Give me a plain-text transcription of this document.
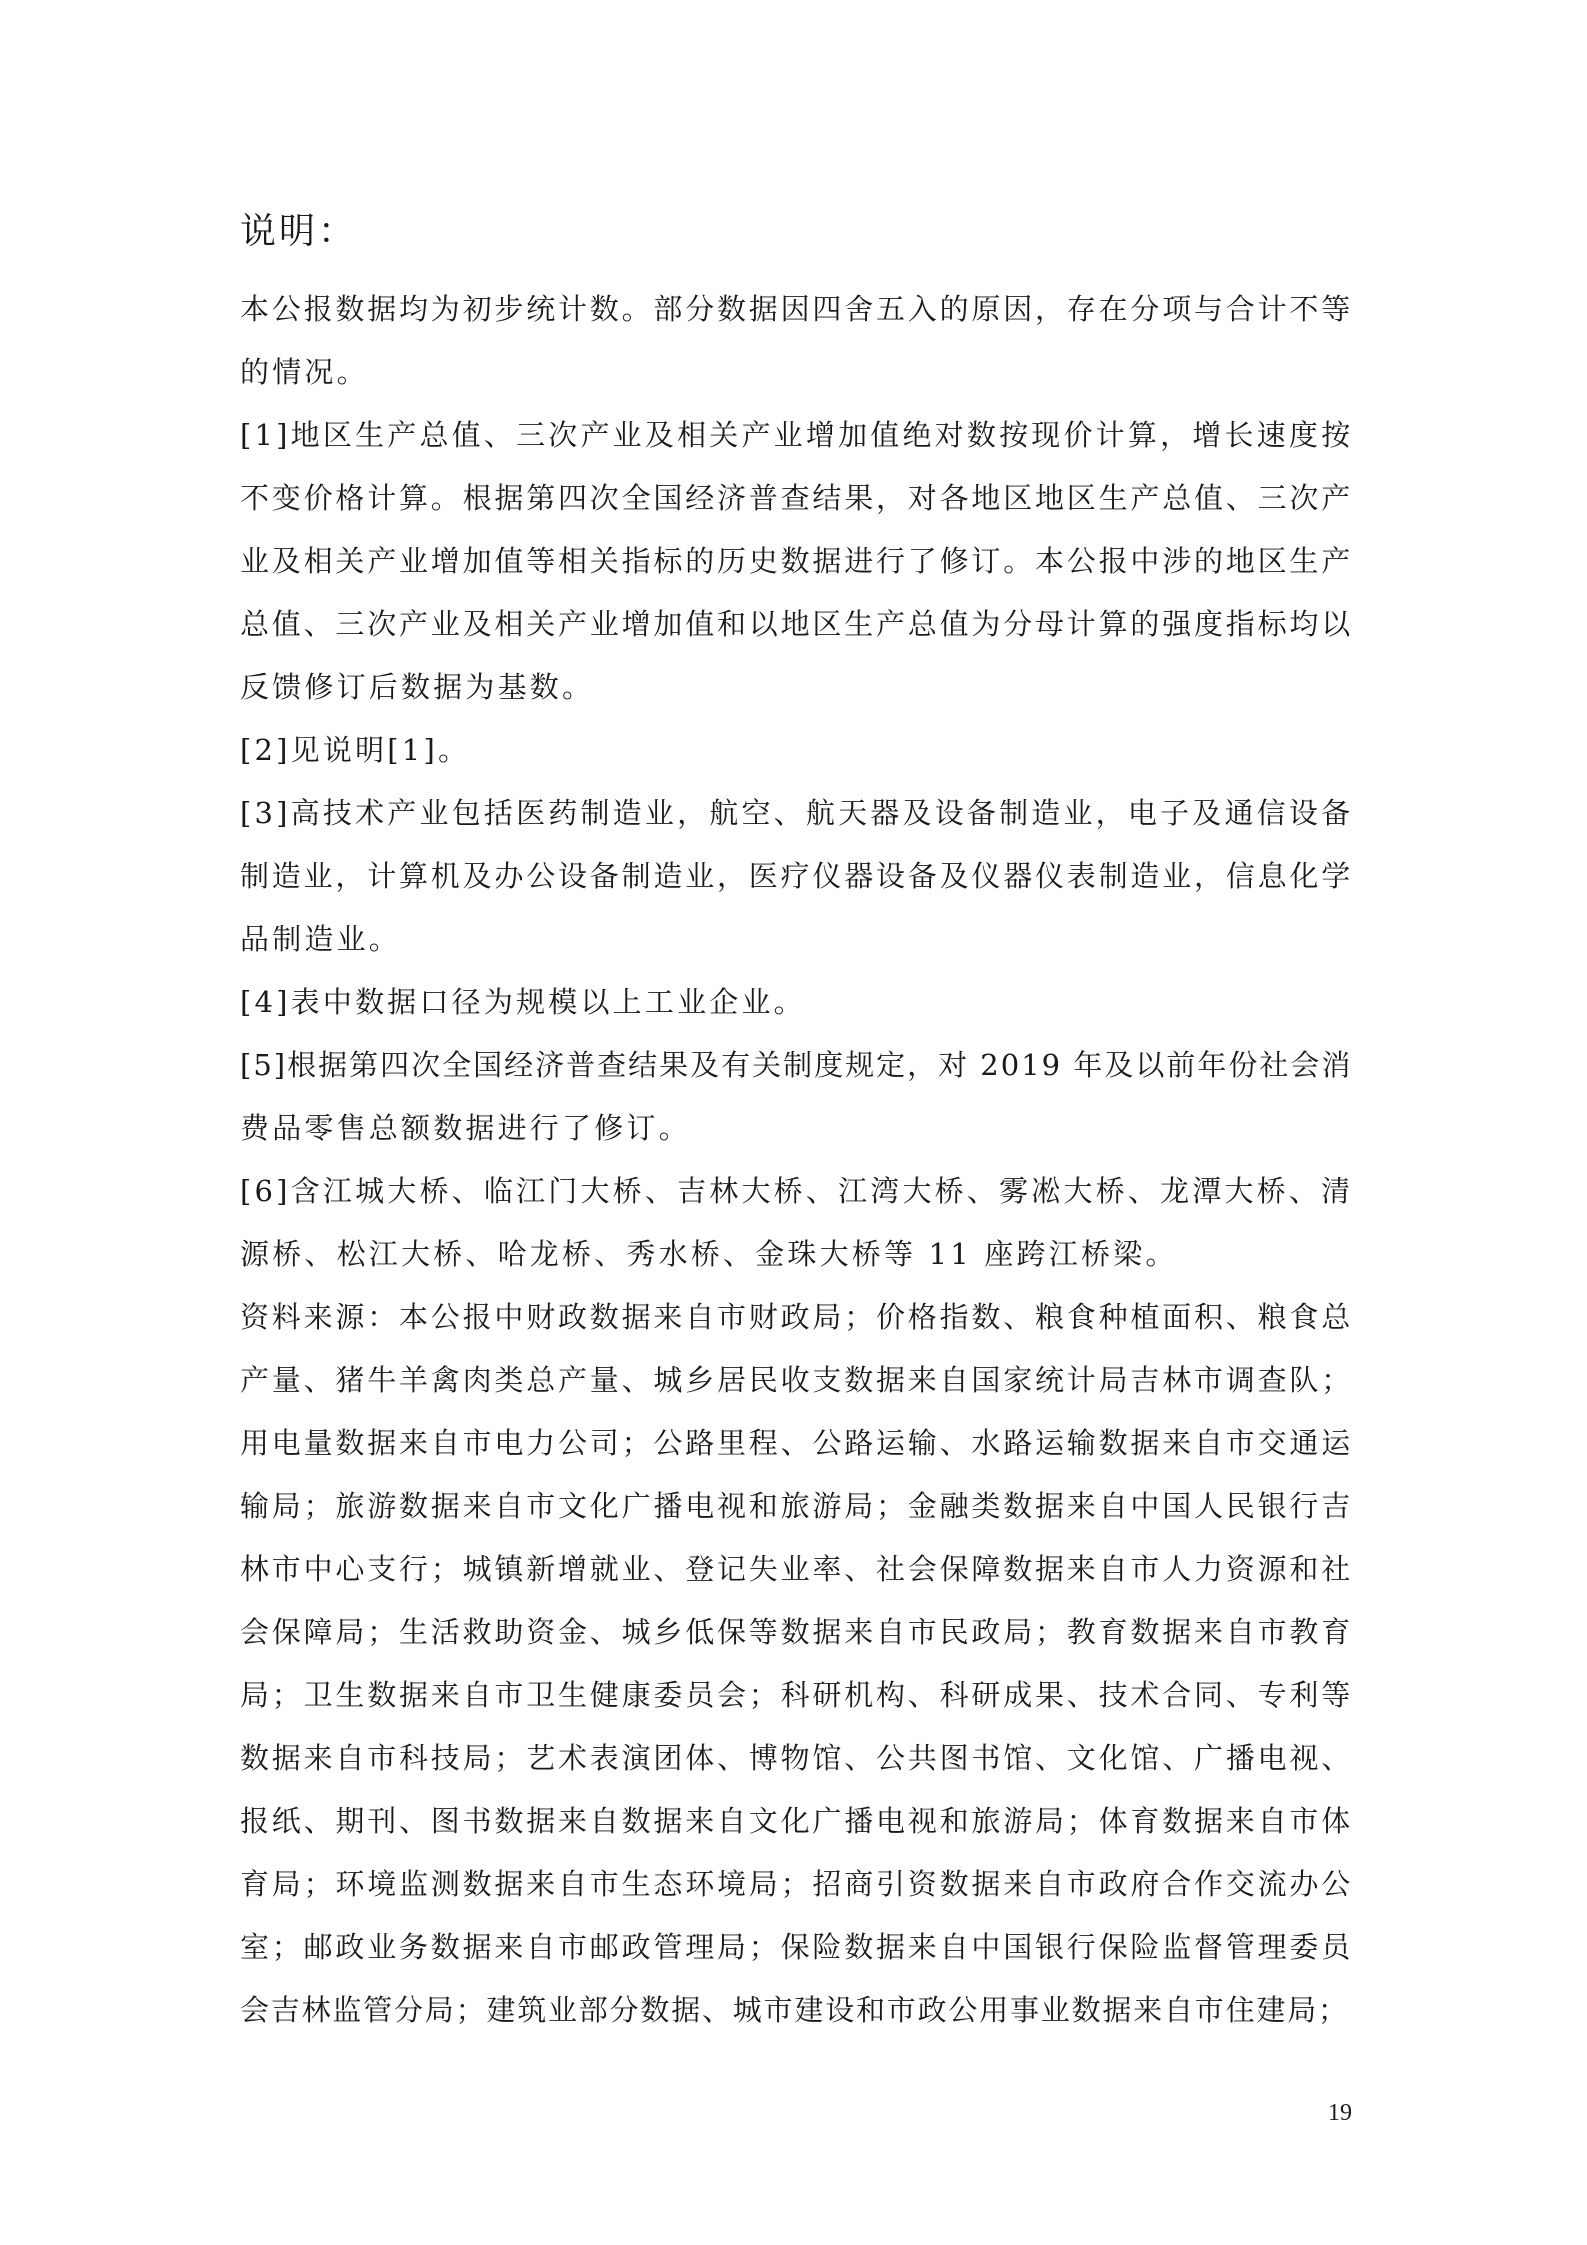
说明：
本公报数据均为初步统计数。部分数据因四舍五入的原因，存在分项与合计不等
的情况。
[1]地区生产总值、三次产业及相关产业增加值绝对数按现价计算，增长速度按
不变价格计算。根据第四次全国经济普查结果，对各地区地区生产总值、三次产
业及相关产业增加值等相关指标的历史数据进行了修订。本公报中涉的地区生产
总值、三次产业及相关产业增加值和以地区生产总值为分母计算的强度指标均以
反馈修订后数据为基数。
[2]见说明[1]。
[3]高技术产业包括医药制造业，航空、航天器及设备制造业，电子及通信设备
制造业，计算机及办公设备制造业，医疗仪器设备及仪器仪表制造业，信息化学
品制造业。
[4]表中数据口径为规模以上工业企业。
[5]根据第四次全国经济普查结果及有关制度规定，对 2019 年及以前年份社会消
费品零售总额数据进行了修订。
[6]含江城大桥、临江门大桥、吉林大桥、江湾大桥、雾凇大桥、龙潭大桥、清
源桥、松江大桥、哈龙桥、秀水桥、金珠大桥等 11 座跨江桥梁。
资料来源：本公报中财政数据来自市财政局；价格指数、粮食种植面积、粮食总
产量、猪牛羊禽肉类总产量、城乡居民收支数据来自国家统计局吉林市调查队；
用电量数据来自市电力公司；公路里程、公路运输、水路运输数据来自市交通运
输局；旅游数据来自市文化广播电视和旅游局；金融类数据来自中国人民银行吉
林市中心支行；城镇新增就业、登记失业率、社会保障数据来自市人力资源和社
会保障局；生活救助资金、城乡低保等数据来自市民政局；教育数据来自市教育
局；卫生数据来自市卫生健康委员会；科研机构、科研成果、技术合同、专利等
数据来自市科技局；艺术表演团体、博物馆、公共图书馆、文化馆、广播电视、
报纸、期刊、图书数据来自数据来自文化广播电视和旅游局；体育数据来自市体
育局；环境监测数据来自市生态环境局；招商引资数据来自市政府合作交流办公
室；邮政业务数据来自市邮政管理局；保险数据来自中国银行保险监督管理委员
会吉林监管分局；建筑业部分数据、城市建设和市政公用事业数据来自市住建局；
19
